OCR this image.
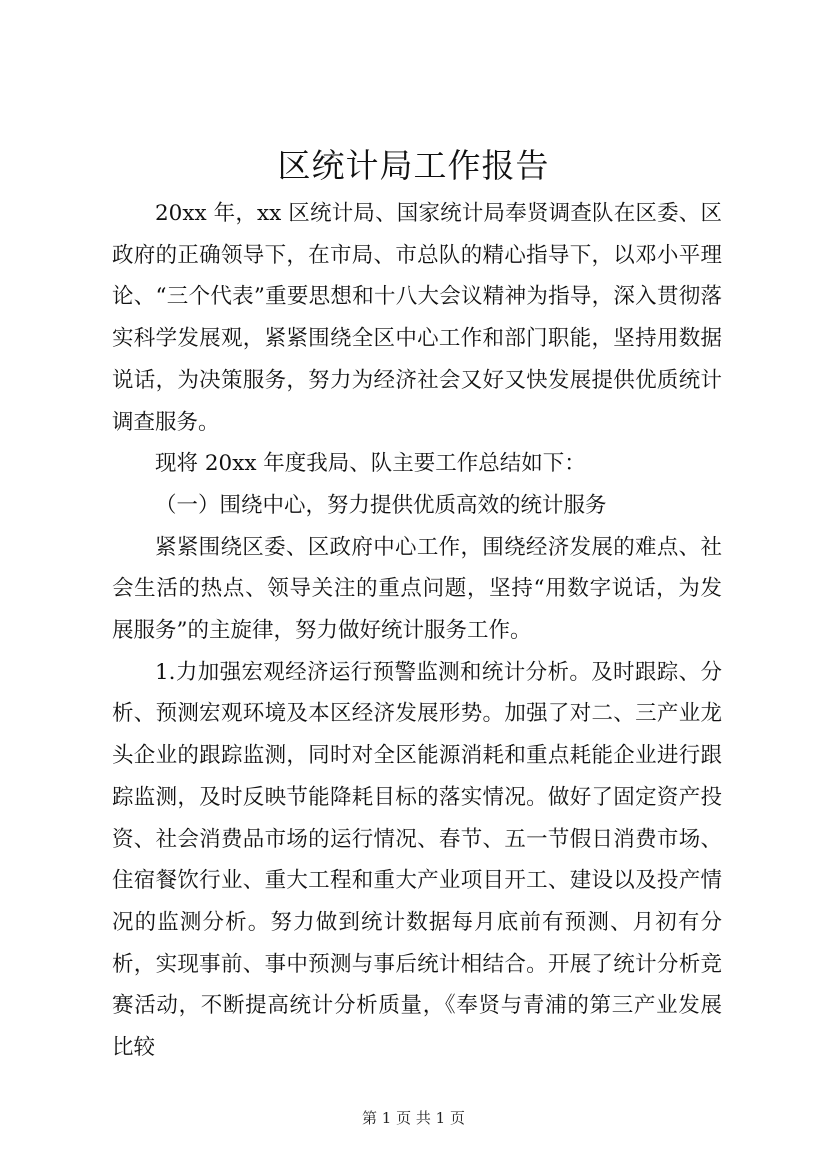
区统计局工作报告

20xx 年，xx 区统计局、国家统计局奉贤调查队在区委、区政府的正确领导下，在市局、市总队的精心指导下，以邓小平理论、“三个代表”重要思想和十八大会议精神为指导，深入贯彻落实科学发展观，紧紧围绕全区中心工作和部门职能，坚持用数据说话，为决策服务，努力为经济社会又好又快发展提供优质统计调查服务。

现将 20xx 年度我局、队主要工作总结如下：

（一）围绕中心，努力提供优质高效的统计服务

紧紧围绕区委、区政府中心工作，围绕经济发展的难点、社会生活的热点、领导关注的重点问题，坚持“用数字说话，为发展服务”的主旋律，努力做好统计服务工作。

1.力加强宏观经济运行预警监测和统计分析。及时跟踪、分析、预测宏观环境及本区经济发展形势。加强了对二、三产业龙头企业的跟踪监测，同时对全区能源消耗和重点耗能企业进行跟踪监测，及时反映节能降耗目标的落实情况。做好了固定资产投资、社会消费品市场的运行情况、春节、五一节假日消费市场、住宿餐饮行业、重大工程和重大产业项目开工、建设以及投产情况的监测分析。努力做到统计数据每月底前有预测、月初有分析，实现事前、事中预测与事后统计相结合。开展了统计分析竞赛活动，不断提高统计分析质量，《奉贤与青浦的第三产业发展比较

第 1 页 共 1 页
